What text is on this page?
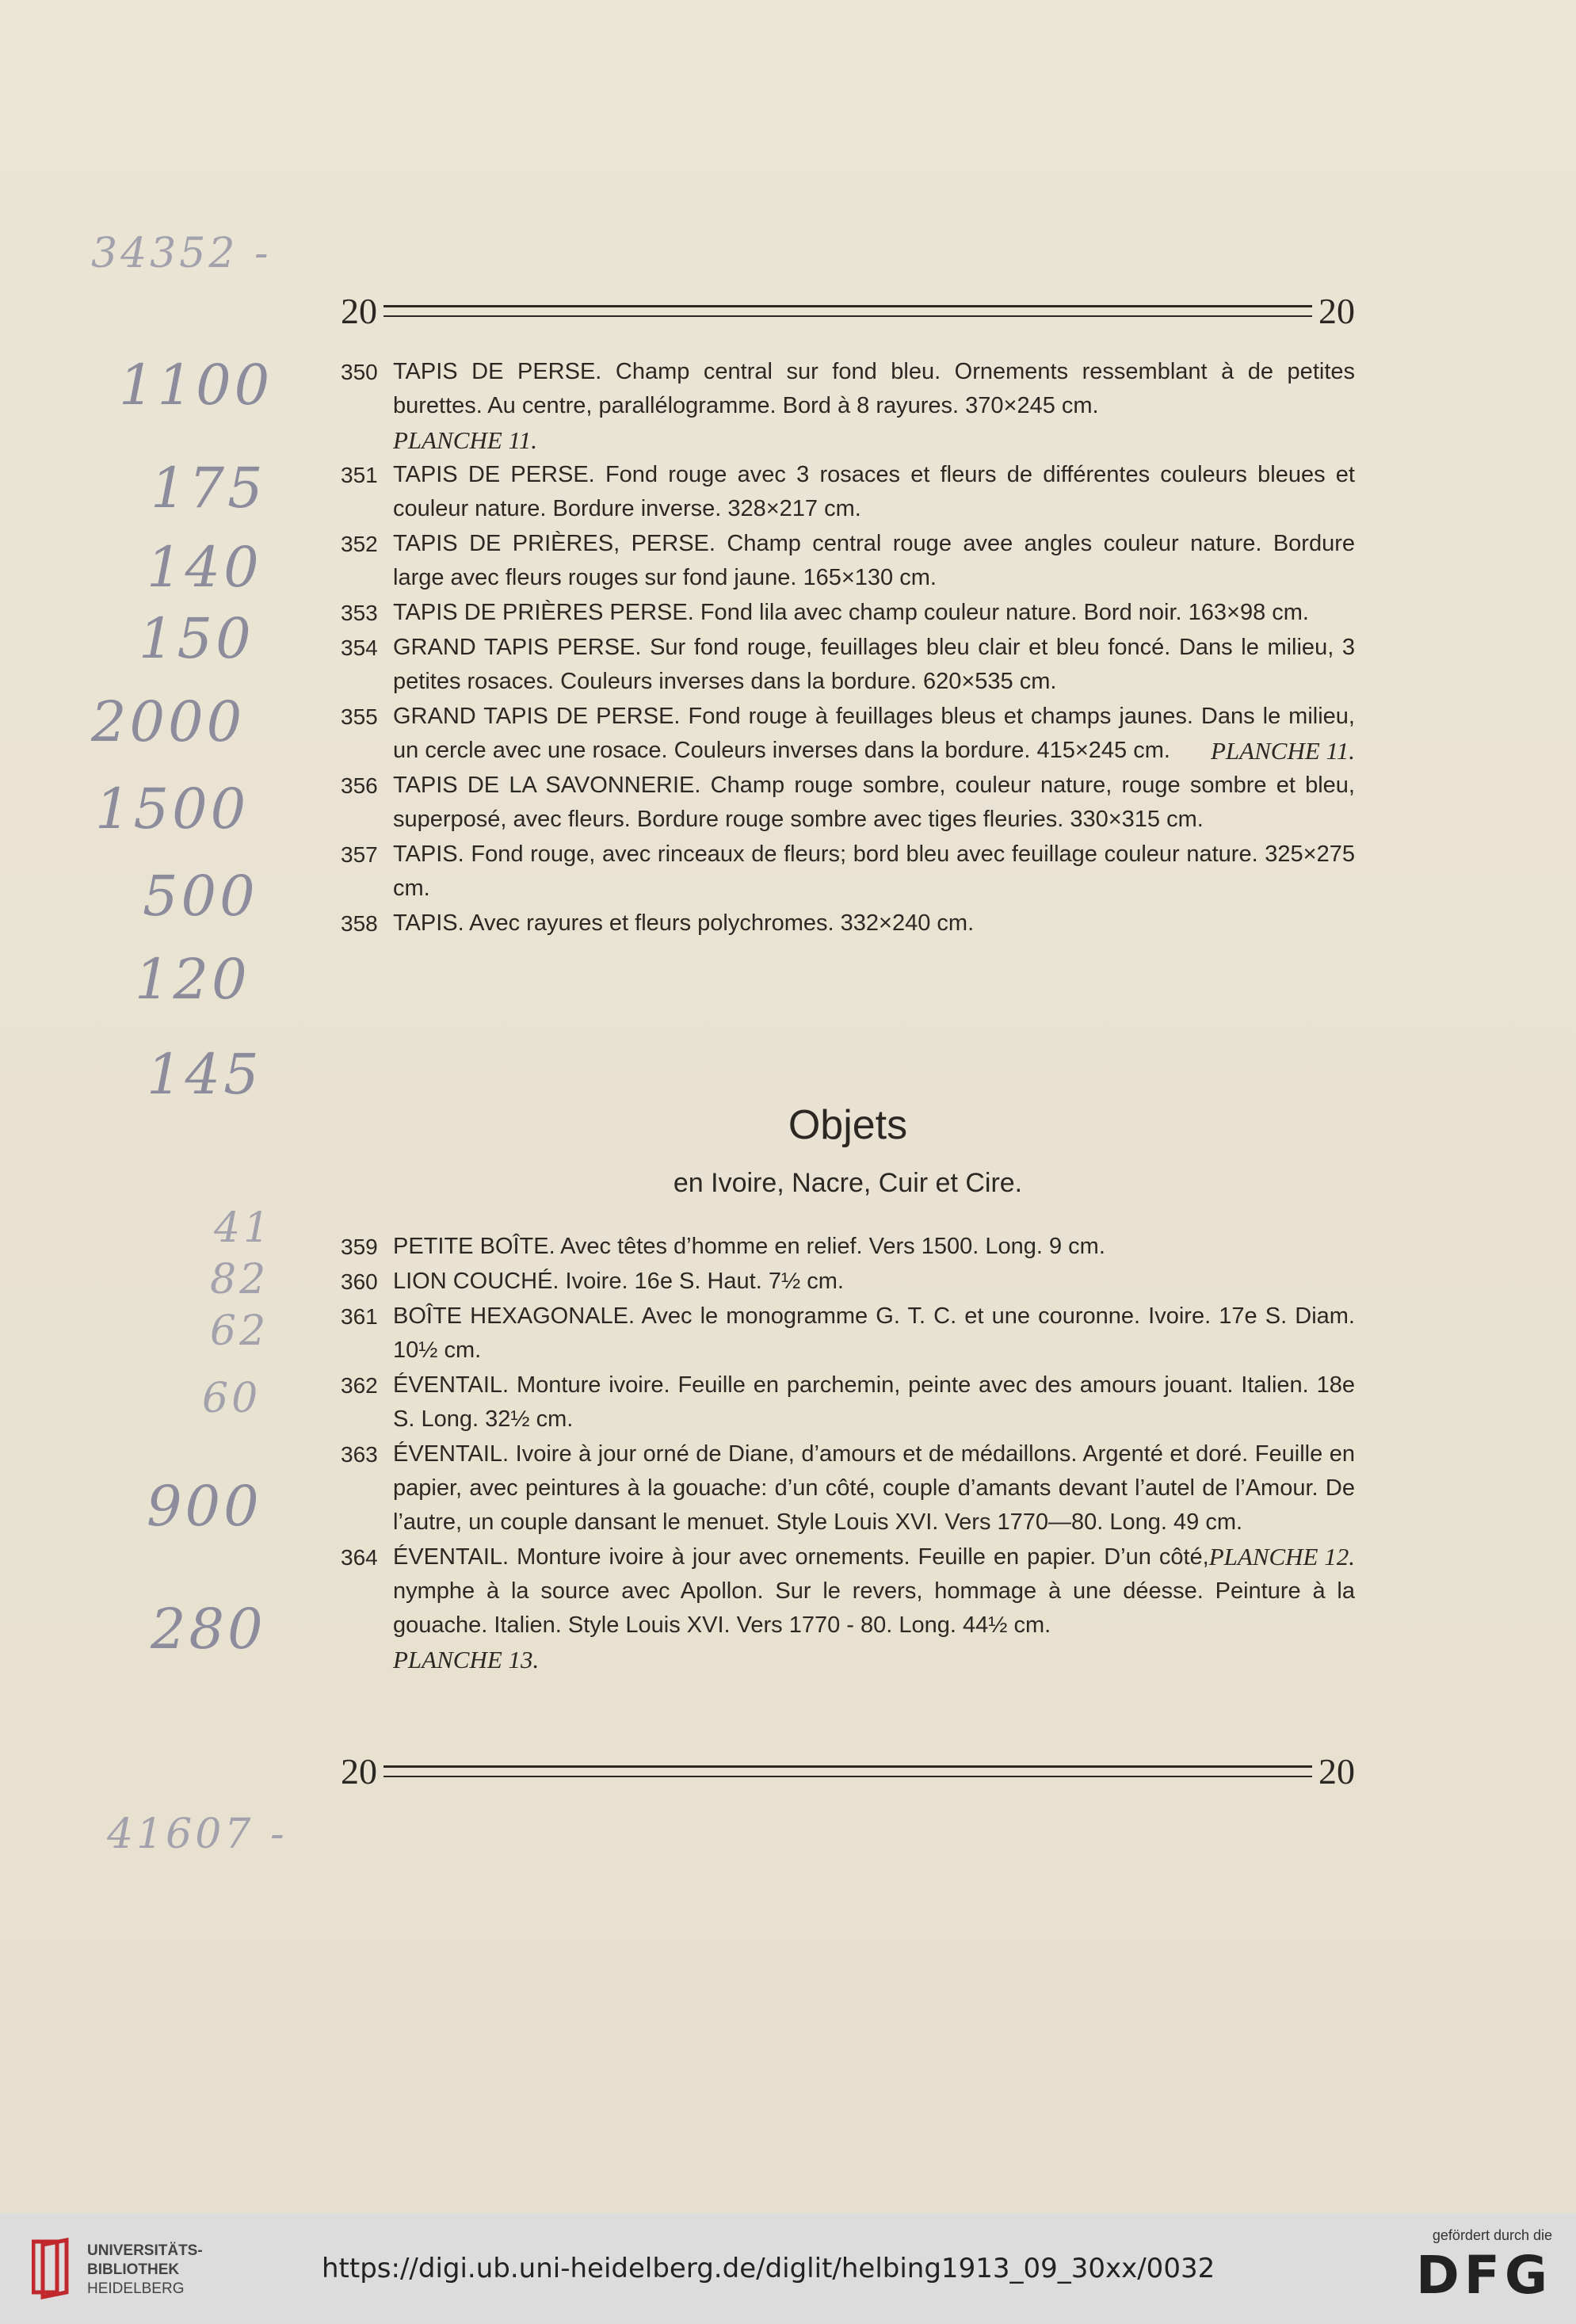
34352 -
20	20
1100
175
140
150
2000
1500
500
120
145
41
82
62
60
900
280
350 TAPIS DE PERSE. Champ central sur fond bleu. Ornements ressemblant à de petites burettes. Au centre, parallélogramme. Bord à 8 rayures. 370×245 cm.
PLANCHE 11.
351 TAPIS DE PERSE. Fond rouge avec 3 rosaces et fleurs de différentes couleurs bleues et couleur nature. Bordure inverse. 328×217 cm.
352 TAPIS DE PRIÈRES, PERSE. Champ central rouge avee angles couleur nature. Bordure large avec fleurs rouges sur fond jaune. 165×130 cm.
353 TAPIS DE PRIÈRES PERSE. Fond lila avec champ couleur nature. Bord noir. 163×98 cm.
354 GRAND TAPIS PERSE. Sur fond rouge, feuillages bleu clair et bleu foncé. Dans le milieu, 3 petites rosaces. Couleurs inverses dans la bordure. 620×535 cm.
355 GRAND TAPIS DE PERSE. Fond rouge à feuillages bleus et champs jaunes. Dans le milieu, un cercle avec une rosace. Couleurs inverses dans la bordure. 415×245 cm. PLANCHE 11.
356 TAPIS DE LA SAVONNERIE. Champ rouge sombre, couleur nature, rouge sombre et bleu, superposé, avec fleurs. Bordure rouge sombre avec tiges fleuries. 330×315 cm.
357 TAPIS. Fond rouge, avec rinceaux de fleurs; bord bleu avec feuillage couleur nature. 325×275 cm.
358 TAPIS. Avec rayures et fleurs polychromes. 332×240 cm.
Objets
en Ivoire, Nacre, Cuir et Cire.
359 PETITE BOÎTE. Avec têtes d’homme en relief. Vers 1500. Long. 9 cm.
360 LION COUCHÉ. Ivoire. 16e S. Haut. 7½ cm.
361 BOÎTE HEXAGONALE. Avec le monogramme G. T. C. et une couronne. Ivoire. 17e S. Diam. 10½ cm.
362 ÉVENTAIL. Monture ivoire. Feuille en parchemin, peinte avec des amours jouant. Italien. 18e S. Long. 32½ cm.
363 ÉVENTAIL. Ivoire à jour orné de Diane, d’amours et de médaillons. Argenté et doré. Feuille en papier, avec peintures à la gouache: d’un côté, couple d’amants devant l’autel de l’Amour. De l’autre, un couple dansant le menuet. Style Louis XVI. Vers 1770—80. Long. 49 cm.
PLANCHE 12.
364 ÉVENTAIL. Monture ivoire à jour avec ornements. Feuille en papier. D’un côté, nymphe à la source avec Apollon. Sur le revers, hommage à une déesse. Peinture à la gouache. Italien. Style Louis XVI. Vers 1770 - 80. Long. 44½ cm.
PLANCHE 13.
20	20
41607 -
UNIVERSITÄTS-
BIBLIOTHEK
HEIDELBERG
https://digi.ub.uni-heidelberg.de/diglit/helbing1913_09_30xx/0032
gefördert durch die
DFG
